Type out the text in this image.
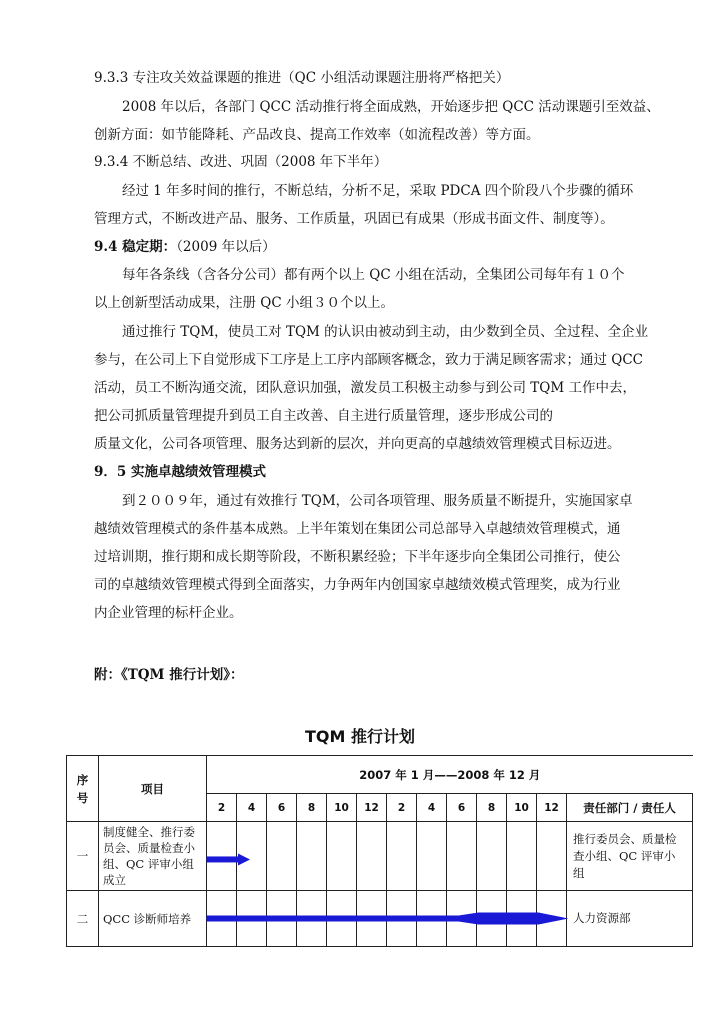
9.3.3 专注攻关效益课题的推进（QC 小组活动课题注册将严格把关）
2008 年以后，各部门 QCC 活动推行将全面成熟，开始逐步把 QCC 活动课题引至效益、
创新方面：如节能降耗、产品改良、提高工作效率（如流程改善）等方面。
9.3.4 不断总结、改进、巩固（2008 年下半年）
经过 1 年多时间的推行，不断总结，分析不足，采取 PDCA 四个阶段八个步骤的循环
管理方式，不断改进产品、服务、工作质量，巩固已有成果（形成书面文件、制度等）。
9.4 稳定期：（2009 年以后）
每年各条线（含各分公司）都有两个以上 QC 小组在活动，全集团公司每年有１０个
以上创新型活动成果，注册 QC 小组３０个以上。
通过推行 TQM，使员工对 TQM 的认识由被动到主动，由少数到全员、全过程、全企业
参与，在公司上下自觉形成下工序是上工序内部顾客概念，致力于满足顾客需求；通过 QCC
活动，员工不断沟通交流，团队意识加强，激发员工积极主动参与到公司 TQM 工作中去，
把公司抓质量管理提升到员工自主改善、自主进行质量管理，逐步形成公司的
质量文化，公司各项管理、服务达到新的层次，并向更高的卓越绩效管理模式目标迈进。
9．5 实施卓越绩效管理模式
到２００９年，通过有效推行 TQM，公司各项管理、服务质量不断提升，实施国家卓
越绩效管理模式的条件基本成熟。上半年策划在集团公司总部导入卓越绩效管理模式，通
过培训期，推行期和成长期等阶段，不断积累经验；下半年逐步向全集团公司推行，使公
司的卓越绩效管理模式得到全面落实，力争两年内创国家卓越绩效模式管理奖，成为行业
内企业管理的标杆企业。
附：《TQM 推行计划》：
TQM 推行计划
序号	项目	2007 年 1 月——2008 年 12 月												
		2	4	6	8	10	12	2	4	6	8	10	12	责任部门 / 责任人
一	制度健全、推行委员会、质量检查小组、QC 评审小组成立													推行委员会、质量检查小组、QC 评审小组
二	QCC 诊断师培养													人力资源部
